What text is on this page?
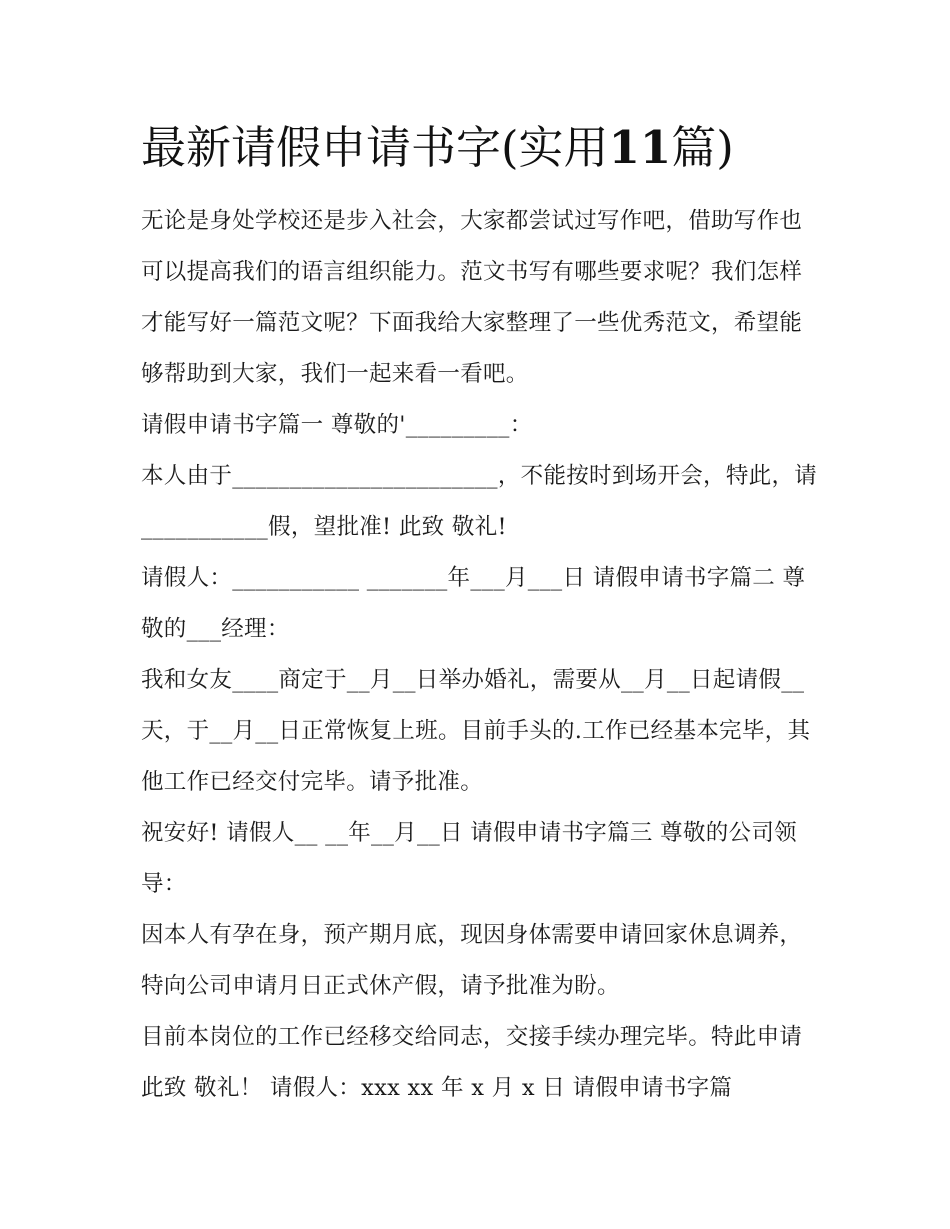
最新请假申请书字(实用11篇)

无论是身处学校还是步入社会，大家都尝试过写作吧，借助写作也可以提高我们的语言组织能力。范文书写有哪些要求呢？我们怎样才能写好一篇范文呢？下面我给大家整理了一些优秀范文，希望能够帮助到大家，我们一起来看一看吧。

请假申请书字篇一 尊敬的'_________：

本人由于_______________________，不能按时到场开会，特此，请___________假，望批准! 此致 敬礼!

请假人：___________ _______年___月___日 请假申请书字篇二 尊敬的___经理：

我和女友____商定于__月__日举办婚礼，需要从__月__日起请假__天，于__月__日正常恢复上班。目前手头的.工作已经基本完毕，其他工作已经交付完毕。请予批准。

祝安好! 请假人__ __年__月__日 请假申请书字篇三 尊敬的公司领导：

因本人有孕在身，预产期月底，现因身体需要申请回家休息调养，特向公司申请月日正式休产假，请予批准为盼。

目前本岗位的工作已经移交给同志，交接手续办理完毕。特此申请 此致 敬礼！ 请假人：xxx xx 年 x 月 x 日 请假申请书字篇
